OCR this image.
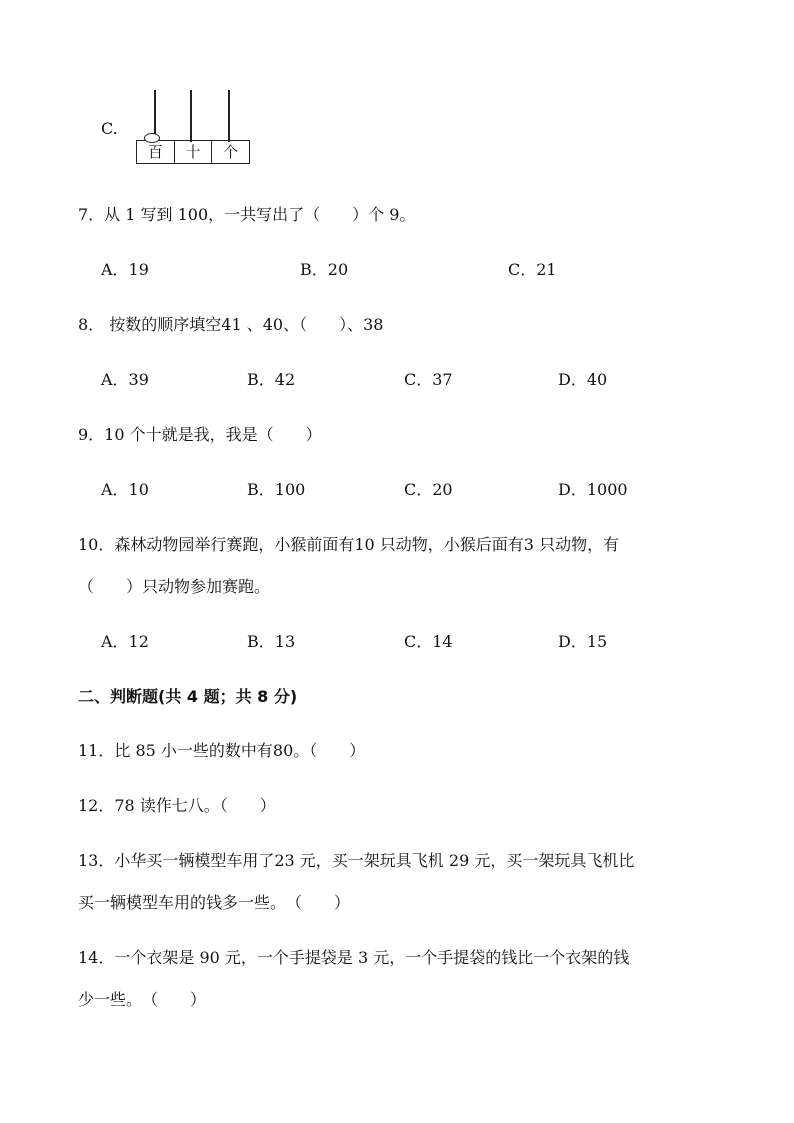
C.
百	十	个
7．从 1 写到 100，一共写出了（　　）个 9。
A．19	B．20	C．21
8． 按数的顺序填空41 、40、（　　）、38
A．39	B．42	C．37	D．40
9．10 个十就是我，我是（　　）
A．10	B．100	C．20	D．1000
10．森林动物园举行赛跑，小猴前面有10 只动物，小猴后面有3 只动物，有
（　　）只动物参加赛跑。
A．12	B．13	C．14	D．15
二、判断题(共 4 题；共 8 分)
11．比 85 小一些的数中有80。（　　）
12．78 读作七八。（　　）
13．小华买一辆模型车用了23 元，买一架玩具飞机 29 元，买一架玩具飞机比
买一辆模型车用的钱多一些。　（　　）
14．一个衣架是 90 元，一个手提袋是 3 元，一个手提袋的钱比一个衣架的钱
少一些。　（　　）
